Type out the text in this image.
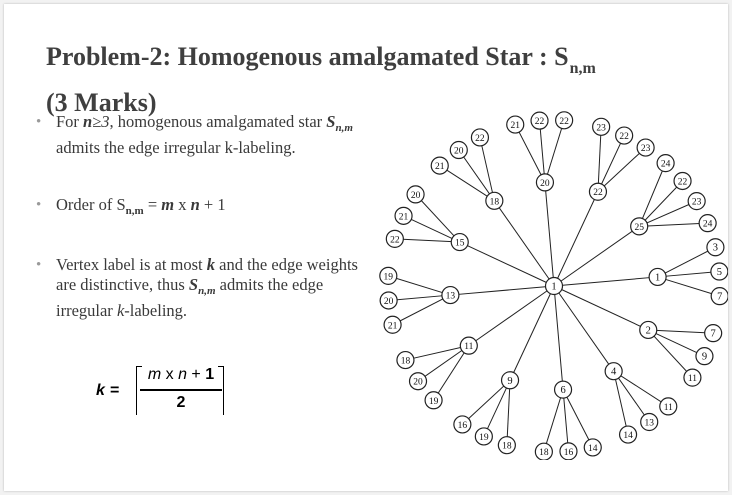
Problem-2: Homogenous amalgamated Star : $S_{n,m}$
(3 Marks)
• For n≥3, homogenous amalgamated star $S_{n,m}$ admits the edge irregular k-labeling.
• Order of $S_{n,m} = m$ x n + 1
• Vertex label is at most k and the edge weights are distinctive, thus $S_{n,m}$ admits the edge irregular k-labeling.
k =
m x n + 1
2
1
3
5
7
2	7
9
11
4
11
13
14
6
14
16
18
9
18
19
16
11
19
20
18
13
21
20
19
15
22
21
20
18
21
20
22
20
21 22 22
22
23
22
23
25
24
22
23
24
1
